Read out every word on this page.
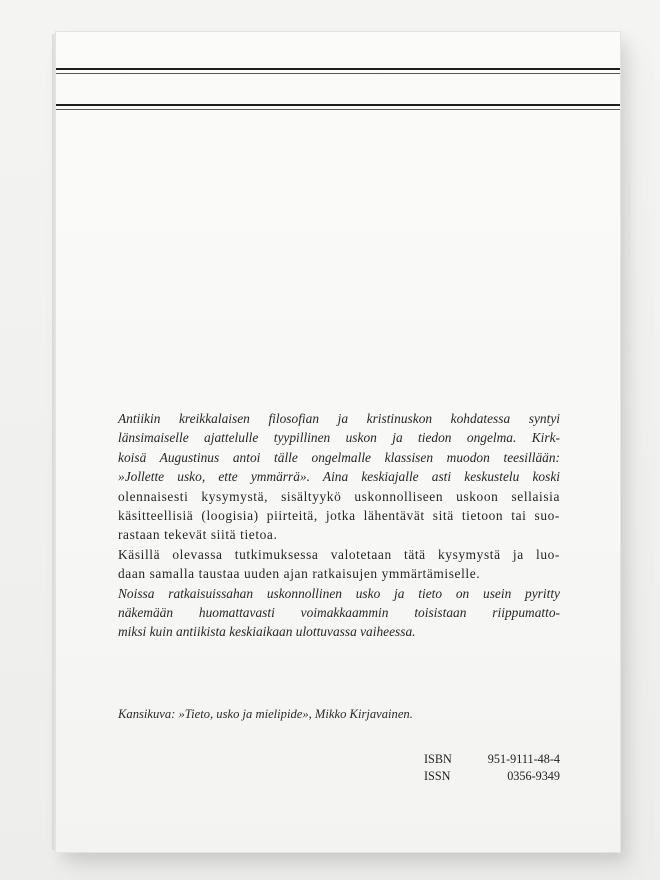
Antiikin kreikkalaisen filosofian ja kristinuskon kohdatessa syntyi
länsimaiselle ajattelulle tyypillinen uskon ja tiedon ongelma. Kirk-
koisä Augustinus antoi tälle ongelmalle klassisen muodon teesillään:
»Jollette usko, ette ymmärrä». Aina keskiajalle asti keskustelu koski
olennaisesti kysymystä, sisältyykö uskonnolliseen uskoon sellaisia
käsitteellisiä (loogisia) piirteitä, jotka lähentävät sitä tietoon tai suo-
rastaan tekevät siitä tietoa.
Käsillä olevassa tutkimuksessa valotetaan tätä kysymystä ja luo-
daan samalla taustaa uuden ajan ratkaisujen ymmärtämiselle.
Noissa ratkaisuissahan uskonnollinen usko ja tieto on usein pyritty
näkemään huomattavasti voimakkaammin toisistaan riippumatto-
miksi kuin antiikista keskiaikaan ulottuvassa vaiheessa.

Kansikuva: »Tieto, usko ja mielipide», Mikko Kirjavainen.
ISBN	951-9111-48-4
ISSN	0356-9349
